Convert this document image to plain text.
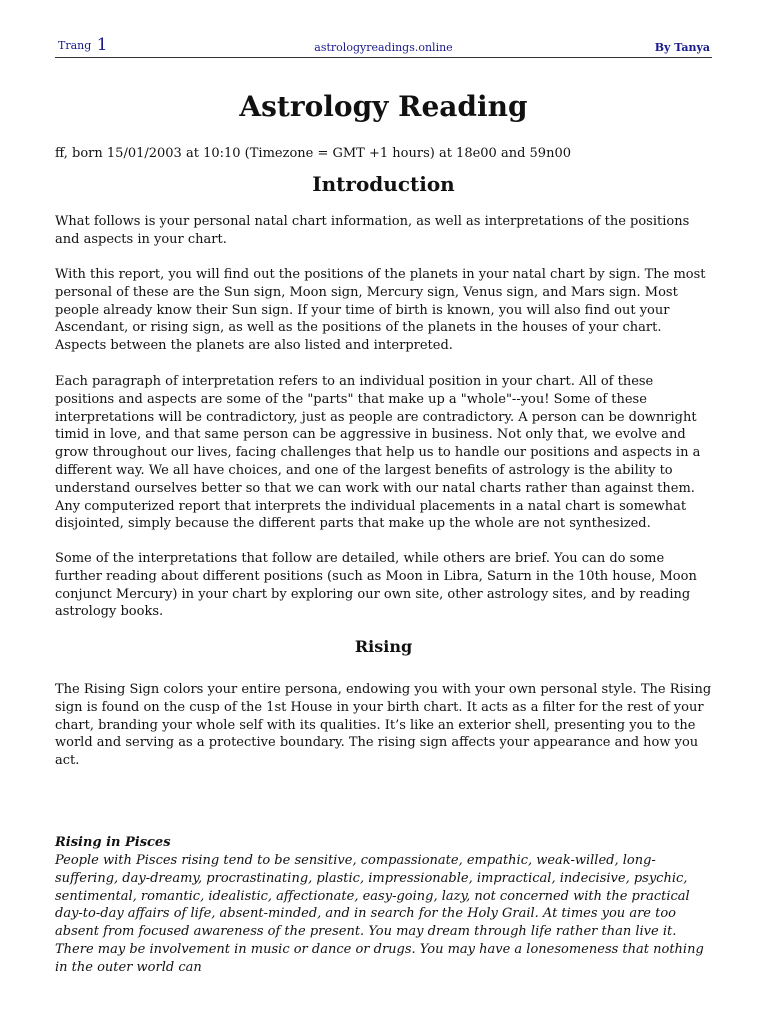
Trang 1	astrologyreadings.online	By Tanya
Astrology Reading

ff, born 15/01/2003 at 10:10 (Timezone = GMT +1 hours) at 18e00 and 59n00

Introduction

What follows is your personal natal chart information, as well as interpretations of the positions and aspects in your chart.

With this report, you will find out the positions of the planets in your natal chart by sign. The most personal of these are the Sun sign, Moon sign, Mercury sign, Venus sign, and Mars sign. Most people already know their Sun sign. If your time of birth is known, you will also find out your Ascendant, or rising sign, as well as the positions of the planets in the houses of your chart. Aspects between the planets are also listed and interpreted.

Each paragraph of interpretation refers to an individual position in your chart. All of these positions and aspects are some of the "parts" that make up a "whole"--you! Some of these interpretations will be contradictory, just as people are contradictory. A person can be downright timid in love, and that same person can be aggressive in business. Not only that, we evolve and grow throughout our lives, facing challenges that help us to handle our positions and aspects in a different way. We all have choices, and one of the largest benefits of astrology is the ability to understand ourselves better so that we can work with our natal charts rather than against them. Any computerized report that interprets the individual placements in a natal chart is somewhat disjointed, simply because the different parts that make up the whole are not synthesized.

Some of the interpretations that follow are detailed, while others are brief. You can do some further reading about different positions (such as Moon in Libra, Saturn in the 10th house, Moon conjunct Mercury) in your chart by exploring our own site, other astrology sites, and by reading astrology books.

Rising

The Rising Sign colors your entire persona, endowing you with your own personal style. The Rising sign is found on the cusp of the 1st House in your birth chart. It acts as a filter for the rest of your chart, branding your whole self with its qualities. It’s like an exterior shell, presenting you to the world and serving as a protective boundary. The rising sign affects your appearance and how you act.

Rising in Pisces

People with Pisces rising tend to be sensitive, compassionate, empathic, weak-willed, long-suffering, day-dreamy, procrastinating, plastic, impressionable, impractical, indecisive, psychic, sentimental, romantic, idealistic, affectionate, easy-going, lazy, not concerned with the practical day-to-day affairs of life, absent-minded, and in search for the Holy Grail. At times you are too absent from focused awareness of the present. You may dream through life rather than live it. There may be involvement in music or dance or drugs. You may have a lonesomeness that nothing in the outer world can
